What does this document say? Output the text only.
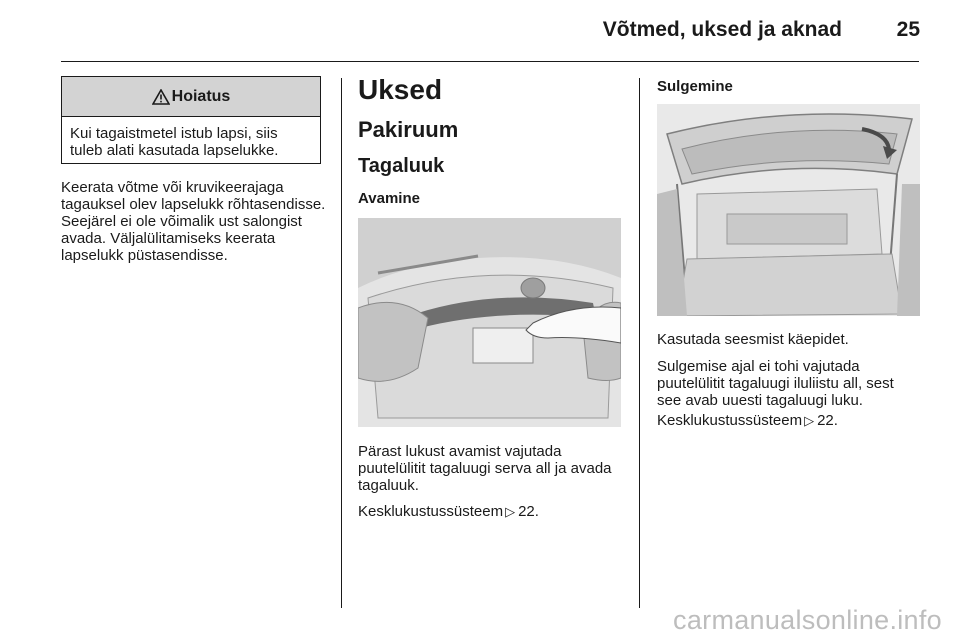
Võtmed, uksed ja aknad	25
Hoiatus
Kui tagaistmetel istub lapsi, siis tuleb alati kasutada lapselukke.
Keerata võtme või kruvikeerajaga tagauksel olev lapselukk rõhtasendisse. Seejärel ei ole võimalik ust salongist avada. Väljalülitamiseks keerata lapselukk püstasendisse.
Uksed
Pakiruum
Tagaluuk
Avamine
Pärast lukust avamist vajutada puutelülitit tagaluugi serva all ja avada tagaluuk.
Kesklukustussüsteem ▷ 22.
Sulgemine
Kasutada seesmist käepidet.
Sulgemise ajal ei tohi vajutada puutelülitit tagaluugi iluliistu all, sest see avab uuesti tagaluugi luku.
Kesklukustussüsteem ▷ 22.
carmanualsonline.info
